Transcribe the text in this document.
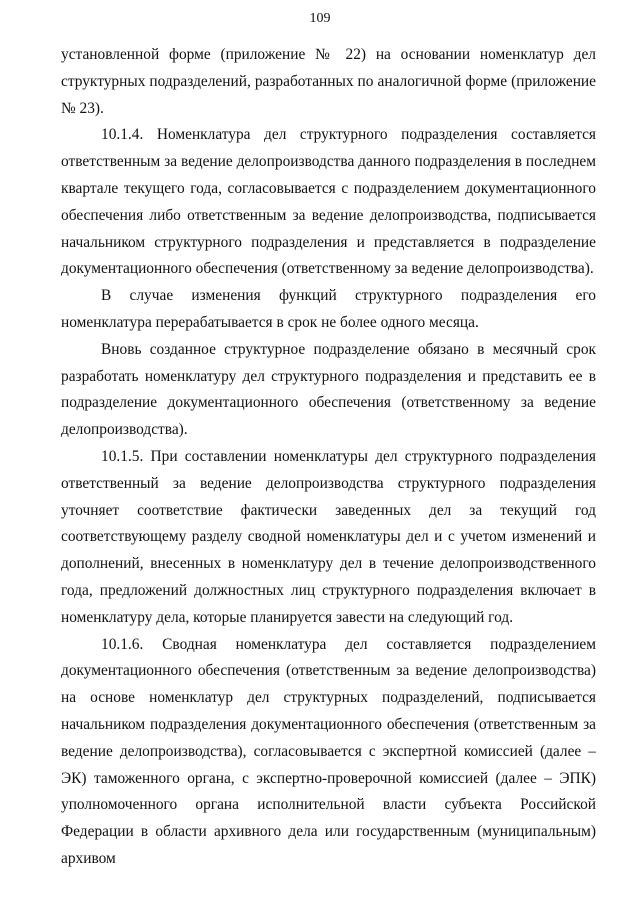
109

установленной форме (приложение № 22) на основании номенклатур дел структурных подразделений, разработанных по аналогичной форме (приложение № 23).

10.1.4. Номенклатура дел структурного подразделения составляется ответственным за ведение делопроизводства данного подразделения в последнем квартале текущего года, согласовывается с подразделением документационного обеспечения либо ответственным за ведение делопроизводства, подписывается начальником структурного подразделения и представляется в подразделение документационного обеспечения (ответственному за ведение делопроизводства).

В случае изменения функций структурного подразделения его номенклатура перерабатывается в срок не более одного месяца.

Вновь созданное структурное подразделение обязано в месячный срок разработать номенклатуру дел структурного подразделения и представить ее в подразделение документационного обеспечения (ответственному за ведение делопроизводства).

10.1.5. При составлении номенклатуры дел структурного подразделения ответственный за ведение делопроизводства структурного подразделения уточняет соответствие фактически заведенных дел за текущий год соответствующему разделу сводной номенклатуры дел и с учетом изменений и дополнений, внесенных в номенклатуру дел в течение делопроизводственного года, предложений должностных лиц структурного подразделения включает в номенклатуру дела, которые планируется завести на следующий год.

10.1.6. Сводная номенклатура дел составляется подразделением документационного обеспечения (ответственным за ведение делопроизводства) на основе номенклатур дел структурных подразделений, подписывается начальником подразделения документационного обеспечения (ответственным за ведение делопроизводства), согласовывается с экспертной комиссией (далее – ЭК) таможенного органа, с экспертно-проверочной комиссией (далее – ЭПК) уполномоченного органа исполнительной власти субъекта Российской Федерации в области архивного дела или государственным (муниципальным) архивом
